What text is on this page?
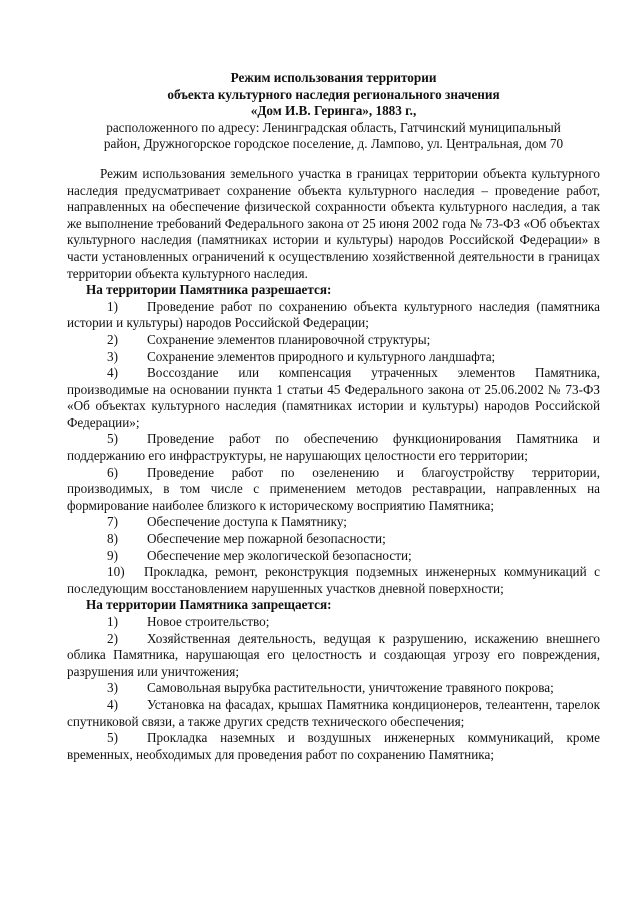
Режим использования территории
объекта культурного наследия регионального значения
«Дом И.В. Геринга», 1883 г.,
расположенного по адресу: Ленинградская область, Гатчинский муниципальный
район, Дружногорское городское поселение, д. Лампово, ул. Центральная, дом 70
Режим использования земельного участка в границах территории объекта культурного наследия предусматривает сохранение объекта культурного наследия – проведение работ, направленных на обеспечение физической сохранности объекта культурного наследия, а так же выполнение требований Федерального закона от 25 июня 2002 года № 73-ФЗ «Об объектах культурного наследия (памятниках истории и культуры) народов Российской Федерации» в части установленных ограничений к осуществлению хозяйственной деятельности в границах территории объекта культурного наследия.
На территории Памятника разрешается:
1) Проведение работ по сохранению объекта культурного наследия (памятника истории и культуры) народов Российской Федерации;
2) Сохранение элементов планировочной структуры;
3) Сохранение элементов природного и культурного ландшафта;
4) Воссоздание или компенсация утраченных элементов Памятника, производимые на основании пункта 1 статьи 45 Федерального закона от 25.06.2002 № 73-ФЗ «Об объектах культурного наследия (памятниках истории и культуры) народов Российской Федерации»;
5) Проведение работ по обеспечению функционирования Памятника и поддержанию его инфраструктуры, не нарушающих целостности его территории;
6) Проведение работ по озеленению и благоустройству территории, производимых, в том числе с применением методов реставрации, направленных на формирование наиболее близкого к историческому восприятию Памятника;
7) Обеспечение доступа к Памятнику;
8) Обеспечение мер пожарной безопасности;
9) Обеспечение мер экологической безопасности;
10) Прокладка, ремонт, реконструкция подземных инженерных коммуникаций с последующим восстановлением нарушенных участков дневной поверхности;
На территории Памятника запрещается:
1) Новое строительство;
2) Хозяйственная деятельность, ведущая к разрушению, искажению внешнего облика Памятника, нарушающая его целостность и создающая угрозу его повреждения, разрушения или уничтожения;
3) Самовольная вырубка растительности, уничтожение травяного покрова;
4) Установка на фасадах, крышах Памятника кондиционеров, телеантенн, тарелок спутниковой связи, а также других средств технического обеспечения;
5) Прокладка наземных и воздушных инженерных коммуникаций, кроме временных, необходимых для проведения работ по сохранению Памятника;
